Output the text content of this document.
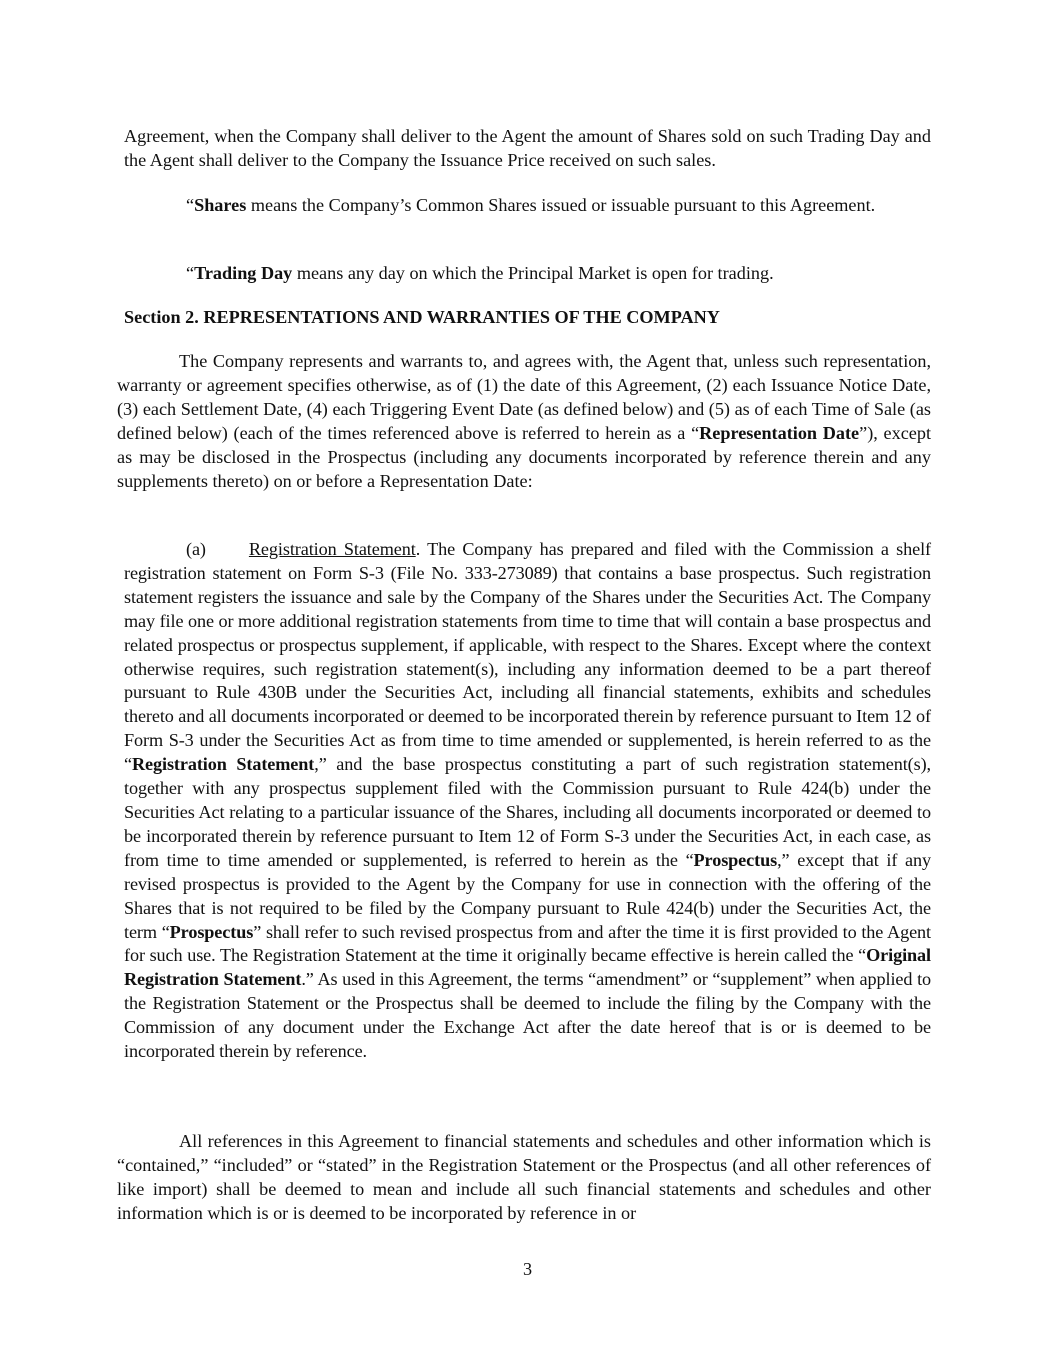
Agreement, when the Company shall deliver to the Agent the amount of Shares sold on such Trading Day and the Agent shall deliver to the Company the Issuance Price received on such sales.

“Shares means the Company’s Common Shares issued or issuable pursuant to this Agreement.

“Trading Day means any day on which the Principal Market is open for trading.

Section 2. REPRESENTATIONS AND WARRANTIES OF THE COMPANY

The Company represents and warrants to, and agrees with, the Agent that, unless such representation, warranty or agreement specifies otherwise, as of (1) the date of this Agreement, (2) each Issuance Notice Date, (3) each Settlement Date, (4) each Triggering Event Date (as defined below) and (5) as of each Time of Sale (as defined below) (each of the times referenced above is referred to herein as a “Representation Date”), except as may be disclosed in the Prospectus (including any documents incorporated by reference therein and any supplements thereto) on or before a Representation Date:

(a) Registration Statement. The Company has prepared and filed with the Commission a shelf registration statement on Form S-3 (File No. 333-273089) that contains a base prospectus. Such registration statement registers the issuance and sale by the Company of the Shares under the Securities Act. The Company may file one or more additional registration statements from time to time that will contain a base prospectus and related prospectus or prospectus supplement, if applicable, with respect to the Shares. Except where the context otherwise requires, such registration statement(s), including any information deemed to be a part thereof pursuant to Rule 430B under the Securities Act, including all financial statements, exhibits and schedules thereto and all documents incorporated or deemed to be incorporated therein by reference pursuant to Item 12 of Form S-3 under the Securities Act as from time to time amended or supplemented, is herein referred to as the “Registration Statement,” and the base prospectus constituting a part of such registration statement(s), together with any prospectus supplement filed with the Commission pursuant to Rule 424(b) under the Securities Act relating to a particular issuance of the Shares, including all documents incorporated or deemed to be incorporated therein by reference pursuant to Item 12 of Form S-3 under the Securities Act, in each case, as from time to time amended or supplemented, is referred to herein as the “Prospectus,” except that if any revised prospectus is provided to the Agent by the Company for use in connection with the offering of the Shares that is not required to be filed by the Company pursuant to Rule 424(b) under the Securities Act, the term “Prospectus” shall refer to such revised prospectus from and after the time it is first provided to the Agent for such use. The Registration Statement at the time it originally became effective is herein called the “Original Registration Statement.” As used in this Agreement, the terms “amendment” or “supplement” when applied to the Registration Statement or the Prospectus shall be deemed to include the filing by the Company with the Commission of any document under the Exchange Act after the date hereof that is or is deemed to be incorporated therein by reference.

All references in this Agreement to financial statements and schedules and other information which is “contained,” “included” or “stated” in the Registration Statement or the Prospectus (and all other references of like import) shall be deemed to mean and include all such financial statements and schedules and other information which is or is deemed to be incorporated by reference in or

3
